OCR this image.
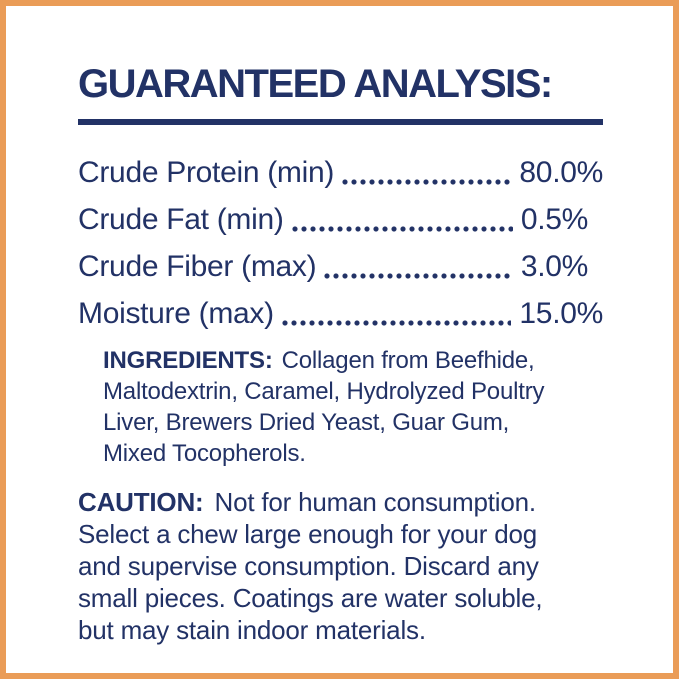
GUARANTEED ANALYSIS:
Crude Protein (min)	80.0%
Crude Fat (min)	0.5%
Crude Fiber (max)	3.0%
Moisture (max)	15.0%
INGREDIENTS: Collagen from Beefhide,
Maltodextrin, Caramel, Hydrolyzed Poultry
Liver, Brewers Dried Yeast, Guar Gum,
Mixed Tocopherols.
CAUTION: Not for human consumption.
Select a chew large enough for your dog
and supervise consumption. Discard any
small pieces. Coatings are water soluble,
but may stain indoor materials.
